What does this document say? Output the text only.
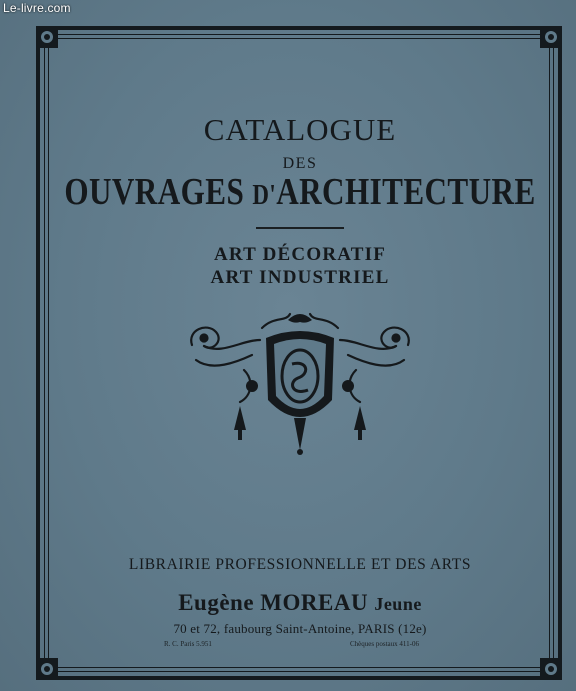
Le-livre.com
CATALOGUE
DES
OUVRAGES D'ARCHITECTURE
ART DÉCORATIF
ART INDUSTRIEL
LIBRAIRIE PROFESSIONNELLE ET DES ARTS
Eugène MOREAU Jeune
70 et 72, faubourg Saint-Antoine, PARIS (12e)
R. C. Paris 5.951	Chèques postaux 411-06
